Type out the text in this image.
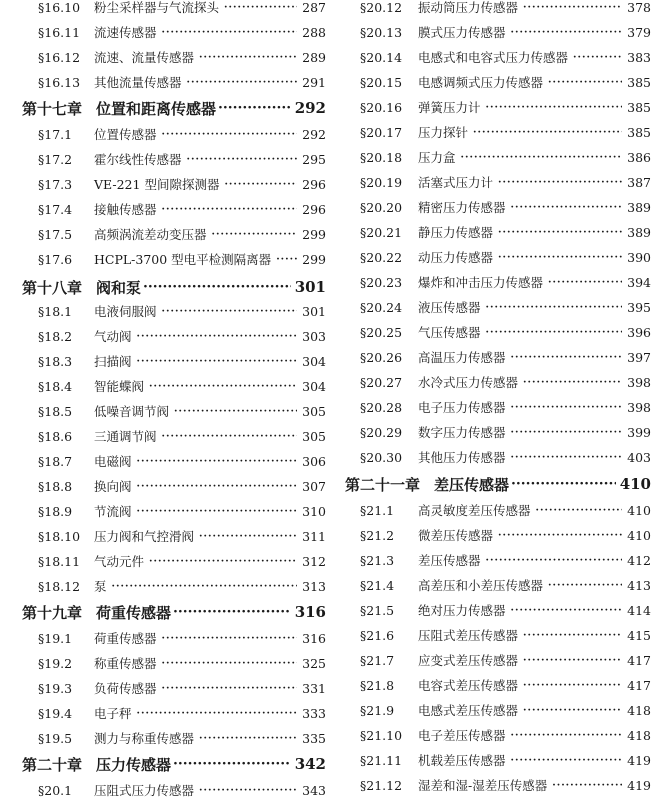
§16.10	粉尘采样器与气流探头 ·····	287
§16.11	流速传感器 ·····	288
§16.12	流速、流量传感器 ·····	289
§16.13	其他流量传感器 ·····	291
第十七章 位置和距离传感器 ·····	292
§17.1	位置传感器 ·····	292
§17.2	霍尔线性传感器 ·····	295
§17.3	VE-221 型间隙探测器 ·····	296
§17.4	接触传感器 ·····	296
§17.5	高频涡流差动变压器 ·····	299
§17.6	HCPL-3700 型电平检测隔离器 ····· 299
第十八章 阀和泵 ·····	301
§18.1	电液伺服阀 ·····	301
§18.2	气动阀 ·····	303
§18.3	扫描阀 ·····	304
§18.4	智能蝶阀 ·····	304
§18.5	低噪音调节阀 ·····	305
§18.6	三通调节阀 ·····	305
§18.7	电磁阀 ·····	306
§18.8	换向阀 ·····	307
§18.9	节流阀 ·····	310
§18.10	压力阀和气控滑阀 ·····	311
§18.11	气动元件 ·····	312
§18.12	泵 ·····	313
第十九章 荷重传感器 ·····	316
§19.1	荷重传感器 ·····	316
§19.2	称重传感器 ·····	325
§19.3	负荷传感器 ·····	331
§19.4	电子秤 ·····	333
§19.5	测力与称重传感器 ·····	335
第二十章 压力传感器 ·····	342
§20.1	压阻式压力传感器 ·····	343
§20.12	振动筒压力传感器 ·····	378
§20.13	膜式压力传感器 ·····	379
§20.14	电感式和电容式压力传感器 ·····	383
§20.15	电感调频式压力传感器 ·····	385
§20.16	弹簧压力计 ·····	385
§20.17	压力探针 ·····	385
§20.18	压力盒 ·····	386
§20.19	活塞式压力计 ·····	387
§20.20	精密压力传感器 ·····	389
§20.21	静压力传感器 ·····	389
§20.22	动压力传感器 ·····	390
§20.23	爆炸和冲击压力传感器 ·····	394
§20.24	液压传感器 ·····	395
§20.25	气压传感器 ·····	396
§20.26	高温压力传感器 ·····	397
§20.27	水冷式压力传感器 ·····	398
§20.28	电子压力传感器 ·····	398
§20.29	数字压力传感器 ·····	399
§20.30	其他压力传感器 ·····	403
第二十一章 差压传感器 ·····	410
§21.1	高灵敏度差压传感器 ·····	410
§21.2	微差压传感器 ·····	410
§21.3	差压传感器 ·····	412
§21.4	高差压和小差压传感器 ·····	413
§21.5	绝对压力传感器 ·····	414
§21.6	压阻式差压传感器 ·····	415
§21.7	应变式差压传感器 ·····	417
§21.8	电容式差压传感器 ·····	417
§21.9	电感式差压传感器 ·····	418
§21.10	电子差压传感器 ·····	418
§21.11	机载差压传感器 ·····	419
§21.12	湿差和湿-湿差压传感器 ·····	419
